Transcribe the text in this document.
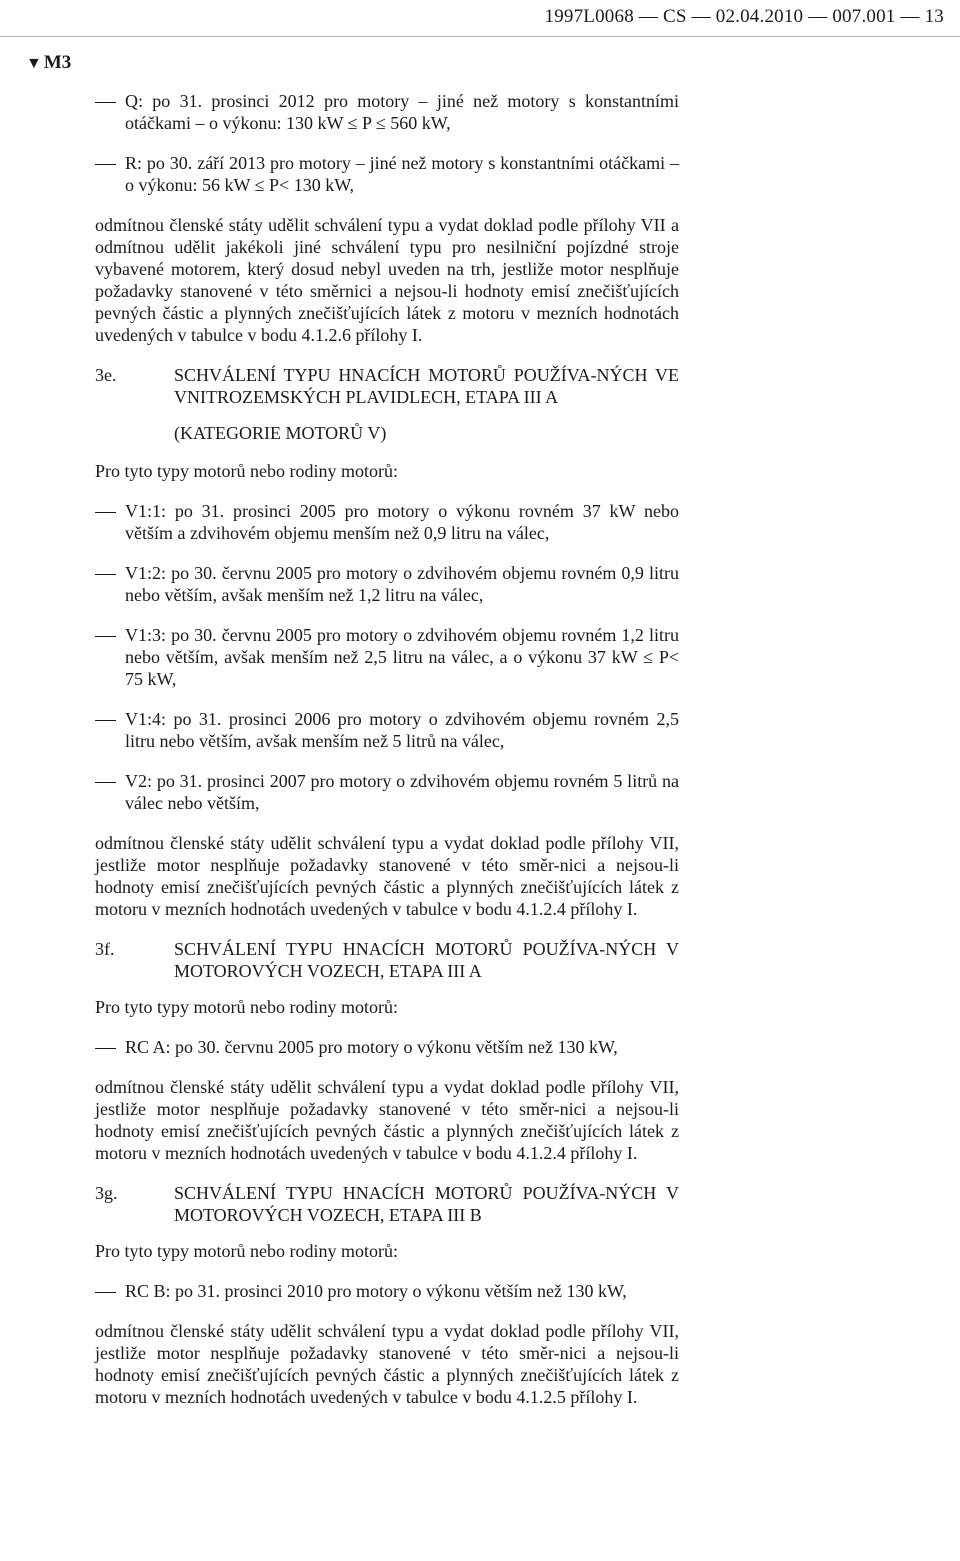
1997L0068 — CS — 02.04.2010 — 007.001 — 13
▼ M3
Q: po 31. prosinci 2012 pro motory – jiné než motory s konstantními otáčkami – o výkonu: 130 kW ≤ P ≤ 560 kW,
R: po 30. září 2013 pro motory – jiné než motory s konstantními otáčkami – o výkonu: 56 kW ≤ P< 130 kW,
odmítnou členské státy udělit schválení typu a vydat doklad podle přílohy VII a odmítnou udělit jakékoli jiné schválení typu pro nesilniční pojízdné stroje vybavené motorem, který dosud nebyl uveden na trh, jestliže motor nesplňuje požadavky stanovené v této směrnici a nejsou-li hodnoty emisí znečišťujících pevných částic a plynných znečišťujících látek z motoru v mezních hodnotách uvedených v tabulce v bodu 4.1.2.6 přílohy I.
3e.	SCHVÁLENÍ TYPU HNACÍCH MOTORŮ POUŽÍVA-NÝCH VE VNITROZEMSKÝCH PLAVIDLECH, ETAPA III A
(KATEGORIE MOTORŮ V)
Pro tyto typy motorů nebo rodiny motorů:
V1:1: po 31. prosinci 2005 pro motory o výkonu rovném 37 kW nebo větším a zdvihovém objemu menším než 0,9 litru na válec,
V1:2: po 30. červnu 2005 pro motory o zdvihovém objemu rovném 0,9 litru nebo větším, avšak menším než 1,2 litru na válec,
V1:3: po 30. červnu 2005 pro motory o zdvihovém objemu rovném 1,2 litru nebo větším, avšak menším než 2,5 litru na válec, a o výkonu 37 kW ≤ P< 75 kW,
V1:4: po 31. prosinci 2006 pro motory o zdvihovém objemu rovném 2,5 litru nebo větším, avšak menším než 5 litrů na válec,
V2: po 31. prosinci 2007 pro motory o zdvihovém objemu rovném 5 litrů na válec nebo větším,
odmítnou členské státy udělit schválení typu a vydat doklad podle přílohy VII, jestliže motor nesplňuje požadavky stanovené v této směr-nici a nejsou-li hodnoty emisí znečišťujících pevných částic a plynných znečišťujících látek z motoru v mezních hodnotách uvedených v tabulce v bodu 4.1.2.4 přílohy I.
3f.	SCHVÁLENÍ TYPU HNACÍCH MOTORŮ POUŽÍVA-NÝCH V MOTOROVÝCH VOZECH, ETAPA III A
Pro tyto typy motorů nebo rodiny motorů:
RC A: po 30. červnu 2005 pro motory o výkonu větším než 130 kW,
odmítnou členské státy udělit schválení typu a vydat doklad podle přílohy VII, jestliže motor nesplňuje požadavky stanovené v této směr-nici a nejsou-li hodnoty emisí znečišťujících pevných částic a plynných znečišťujících látek z motoru v mezních hodnotách uvedených v tabulce v bodu 4.1.2.4 přílohy I.
3g.	SCHVÁLENÍ TYPU HNACÍCH MOTORŮ POUŽÍVA-NÝCH V MOTOROVÝCH VOZECH, ETAPA III B
Pro tyto typy motorů nebo rodiny motorů:
RC B: po 31. prosinci 2010 pro motory o výkonu větším než 130 kW,
odmítnou členské státy udělit schválení typu a vydat doklad podle přílohy VII, jestliže motor nesplňuje požadavky stanovené v této směr-nici a nejsou-li hodnoty emisí znečišťujících pevných částic a plynných znečišťujících látek z motoru v mezních hodnotách uvedených v tabulce v bodu 4.1.2.5 přílohy I.
